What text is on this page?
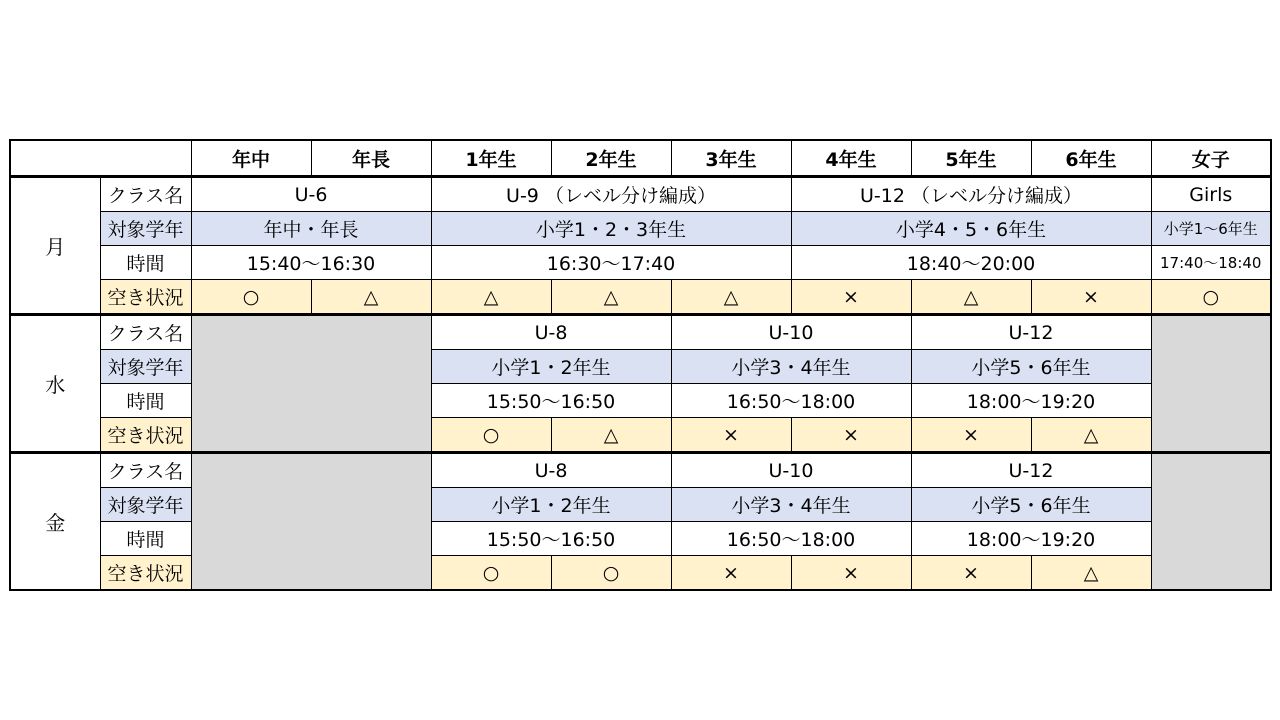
		年中	年長	1年生	2年生	3年生	4年生	5年生	6年生	女子
月	クラス名	U-6		U-9 （レベル分け編成）			U-12 （レベル分け編成）			Girls
	対象学年	年中・年長		小学1・2・3年生			小学4・5・6年生			小学1～6年生
	時間	15:40～16:30		16:30～17:40			18:40～20:00			17:40～18:40
	空き状況	○	△	△	△	△	×	△	×	○
水	クラス名			U-8		U-10		U-12		
	対象学年			小学1・2年生		小学3・4年生		小学5・6年生		
	時間			15:50～16:50		16:50～18:00		18:00～19:20		
	空き状況			○	△	×	×	×	△	
金	クラス名			U-8		U-10		U-12		
	対象学年			小学1・2年生		小学3・4年生		小学5・6年生		
	時間			15:50～16:50		16:50～18:00		18:00～19:20		
	空き状況			○	○	×	×	×	△	
